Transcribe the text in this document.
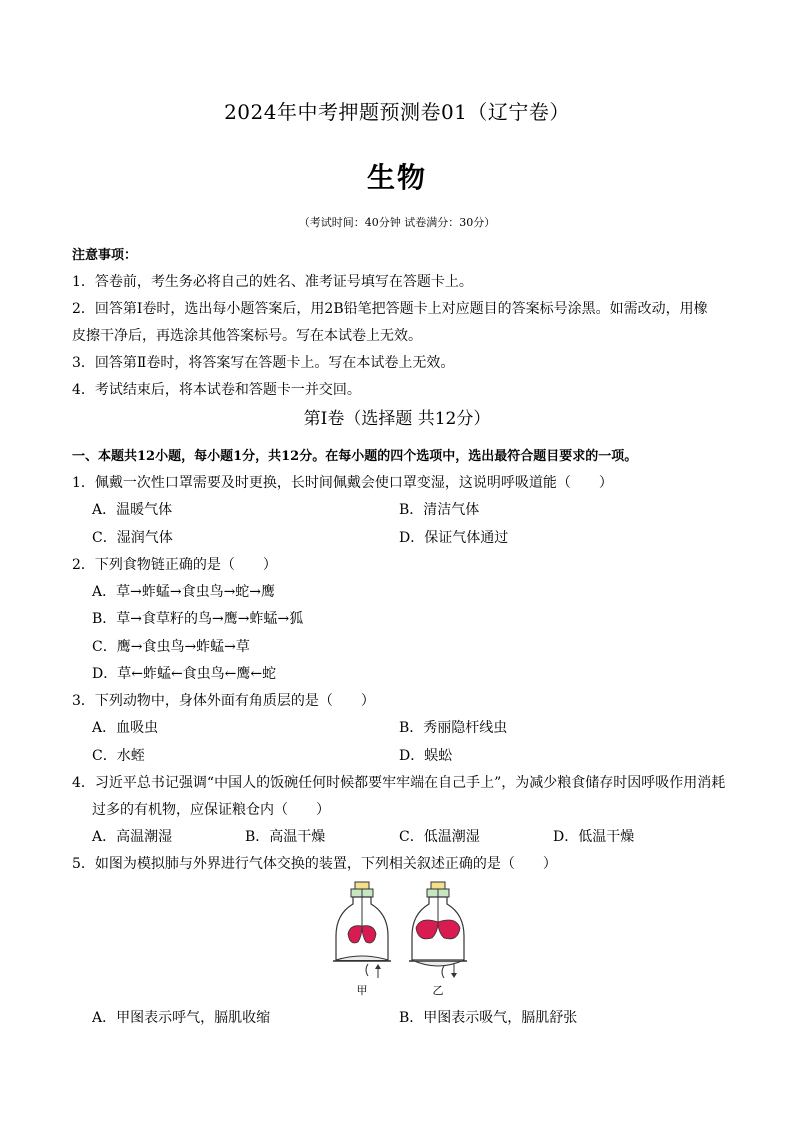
2024年中考押题预测卷01（辽宁卷）
生物
（考试时间：40分钟 试卷满分：30分）
注意事项：
1．答卷前，考生务必将自己的姓名、准考证号填写在答题卡上。
2．回答第Ⅰ卷时，选出每小题答案后，用2B铅笔把答题卡上对应题目的答案标号涂黑。如需改动，用橡
皮擦干净后，再选涂其他答案标号。写在本试卷上无效。
3．回答第Ⅱ卷时，将答案写在答题卡上。写在本试卷上无效。
4．考试结束后，将本试卷和答题卡一并交回。
第Ⅰ卷（选择题 共12分）
一、本题共12小题，每小题1分，共12分。在每小题的四个选项中，选出最符合题目要求的一项。
1．佩戴一次性口罩需要及时更换，长时间佩戴会使口罩变湿，这说明呼吸道能（　　）
A．温暖气体	B．清洁气体
C．湿润气体	D．保证气体通过
2．下列食物链正确的是（　　）
A．草→蚱蜢→食虫鸟→蛇→鹰
B．草→食草籽的鸟→鹰→蚱蜢→狐
C．鹰→食虫鸟→蚱蜢→草
D．草←蚱蜢←食虫鸟←鹰←蛇
3．下列动物中，身体外面有角质层的是（　　）
A．血吸虫	B．秀丽隐杆线虫
C．水蛭	D．蜈蚣
4．习近平总书记强调“中国人的饭碗任何时候都要牢牢端在自己手上”，为减少粮食储存时因呼吸作用消耗
过多的有机物，应保证粮仓内（　　）
A．高温潮湿	B．高温干燥	C．低温潮湿	D．低温干燥
5．如图为模拟肺与外界进行气体交换的装置，下列相关叙述正确的是（　　）
甲	乙
A．甲图表示呼气，膈肌收缩	B．甲图表示吸气，膈肌舒张
